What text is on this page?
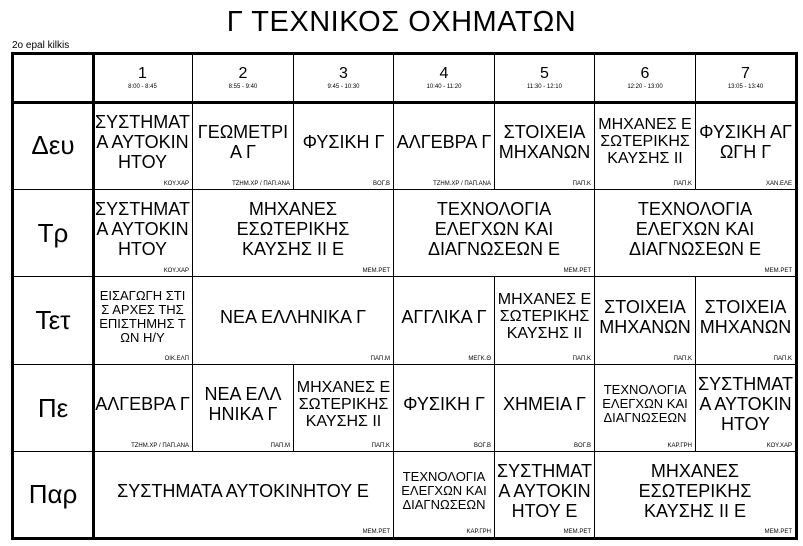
Γ ΤΕΧΝΙΚΟΣ ΟΧΗΜΑΤΩΝ
2o epal kilkis
1
8:00 - 8:45
2
8:55 - 9:40
3
9:45 - 10:30
4
10:40 - 11:20
5
11:30 - 12:10
6
12:20 - 13:00
7
13:05 - 13:40
Δευ
ΣΥΣΤΗΜΑΤΑ ΑΥΤΟΚΙΝΗΤΟΥ
ΚΟΥ.ΧΑΡ
ΓΕΩΜΕΤΡΙΑ Γ
ΤΖΗΜ.ΧΡ / ΠΑΠ.ΑΝΑ
ΦΥΣΙΚΗ Γ
ΒΟΓ.Β
ΑΛΓΕΒΡΑ Γ
ΤΖΗΜ.ΧΡ / ΠΑΠ.ΑΝΑ
ΣΤΟΙΧΕΙΑ ΜΗΧΑΝΩΝ
ΠΑΠ.Κ
ΜΗΧΑΝΕΣ ΕΣΩΤΕΡΙΚΗΣ ΚΑΥΣΗΣ ΙΙ
ΠΑΠ.Κ
ΦΥΣΙΚΗ ΑΓΩΓΗ Γ
ΧΑΝ.ΕΛΕ
Τρ
ΣΥΣΤΗΜΑΤΑ ΑΥΤΟΚΙΝΗΤΟΥ
ΚΟΥ.ΧΑΡ
ΜΗΧΑΝΕΣ ΕΣΩΤΕΡΙΚΗΣ ΚΑΥΣΗΣ ΙΙ Ε
ΜΕΜ.ΡΕΤ
ΤΕΧΝΟΛΟΓΙΑ ΕΛΕΓΧΩΝ ΚΑΙ ΔΙΑΓΝΩΣΕΩΝ Ε
ΜΕΜ.ΡΕΤ
ΤΕΧΝΟΛΟΓΙΑ ΕΛΕΓΧΩΝ ΚΑΙ ΔΙΑΓΝΩΣΕΩΝ Ε
ΜΕΜ.ΡΕΤ
Τετ
ΕΙΣΑΓΩΓΗ ΣΤΙΣ ΑΡΧΕΣ ΤΗΣ ΕΠΙΣΤΗΜΗΣ ΤΩΝ Η/Υ
ΟΙΚ.ΕΛΠ
ΝΕΑ ΕΛΛΗΝΙΚΑ Γ
ΠΑΠ.Μ
ΑΓΓΛΙΚΑ Γ
ΜΕΓΚ.Θ
ΜΗΧΑΝΕΣ ΕΣΩΤΕΡΙΚΗΣ ΚΑΥΣΗΣ ΙΙ
ΠΑΠ.Κ
ΣΤΟΙΧΕΙΑ ΜΗΧΑΝΩΝ
ΠΑΠ.Κ
ΣΤΟΙΧΕΙΑ ΜΗΧΑΝΩΝ
ΠΑΠ.Κ
Πε	ΑΛΓΕΒΡΑ Γ
ΤΖΗΜ.ΧΡ / ΠΑΠ.ΑΝΑ
ΝΕΑ ΕΛΛΗΝΙΚΑ Γ
ΠΑΠ.Μ
ΜΗΧΑΝΕΣ ΕΣΩΤΕΡΙΚΗΣ ΚΑΥΣΗΣ ΙΙ
ΠΑΠ.Κ
ΦΥΣΙΚΗ Γ
ΒΟΓ.Β
ΧΗΜΕΙΑ Γ
ΒΟΓ.Β
ΤΕΧΝΟΛΟΓΙΑ ΕΛΕΓΧΩΝ ΚΑΙ ΔΙΑΓΝΩΣΕΩΝ
ΚΑΡ.ΓΡΗ
ΣΥΣΤΗΜΑΤΑ ΑΥΤΟΚΙΝΗΤΟΥ
ΚΟΥ.ΧΑΡ
Παρ	ΣΥΣΤΗΜΑΤΑ ΑΥΤΟΚΙΝΗΤΟΥ Ε
ΜΕΜ.ΡΕΤ
ΤΕΧΝΟΛΟΓΙΑ ΕΛΕΓΧΩΝ ΚΑΙ ΔΙΑΓΝΩΣΕΩΝ
ΚΑΡ.ΓΡΗ
ΣΥΣΤΗΜΑΤΑ ΑΥΤΟΚΙΝΗΤΟΥ Ε
ΜΕΜ.ΡΕΤ
ΜΗΧΑΝΕΣ ΕΣΩΤΕΡΙΚΗΣ ΚΑΥΣΗΣ ΙΙ Ε
ΜΕΜ.ΡΕΤ
